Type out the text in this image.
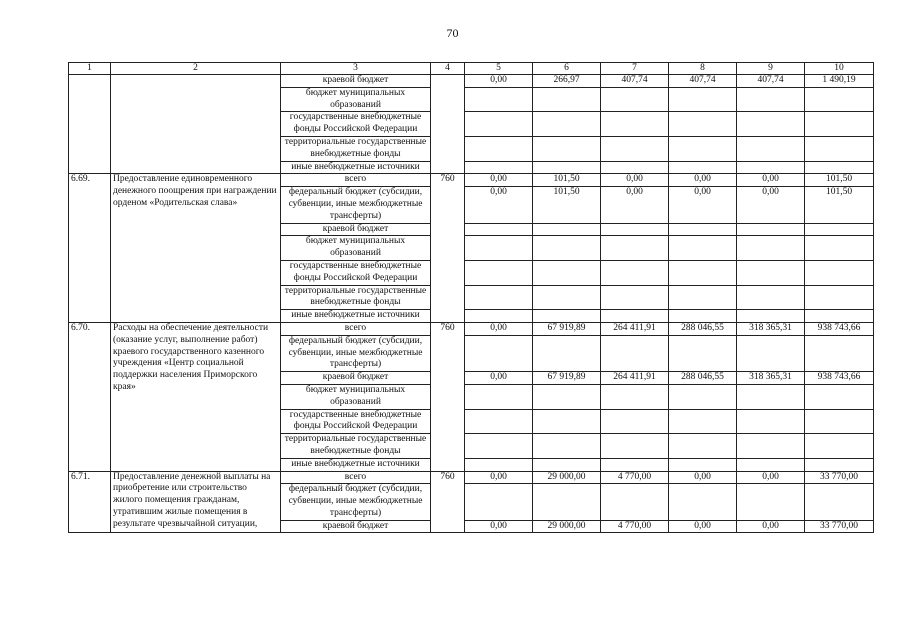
70
1	2	3	4	5	6	7	8	9	10
		краевой бюджет		0,00	266,97	407,74	407,74	407,74	1 490,19
		бюджет муниципальных образований							
		государственные внебюджетные фонды Российской Федерации							
		территориальные государственные внебюджетные фонды							
		иные внебюджетные источники							
6.69.	Предоставление единовременного денежного поощрения при награждении орденом «Родительская слава»	всего	760	0,00	101,50	0,00	0,00	0,00	101,50
		федеральный бюджет (субсидии, субвенции, иные межбюджетные трансферты)		0,00	101,50	0,00	0,00	0,00	101,50
		краевой бюджет							
		бюджет муниципальных образований							
		государственные внебюджетные фонды Российской Федерации							
		территориальные государственные внебюджетные фонды							
		иные внебюджетные источники							
6.70.	Расходы на обеспечение деятельности (оказание услуг, выполнение работ) краевого государственного казенного учреждения «Центр социальной поддержки населения Приморского края»	всего	760	0,00	67 919,89	264 411,91	288 046,55	318 365,31	938 743,66
		федеральный бюджет (субсидии, субвенции, иные межбюджетные трансферты)							
		краевой бюджет		0,00	67 919,89	264 411,91	288 046,55	318 365,31	938 743,66
		бюджет муниципальных образований							
		государственные внебюджетные фонды Российской Федерации							
		территориальные государственные внебюджетные фонды							
		иные внебюджетные источники							
6.71.	Предоставление денежной выплаты на приобретение или строительство жилого помещения гражданам, утратившим жилые помещения в результате чрезвычайной ситуации,	всего	760	0,00	29 000,00	4 770,00	0,00	0,00	33 770,00
		федеральный бюджет (субсидии, субвенции, иные межбюджетные трансферты)							
		краевой бюджет		0,00	29 000,00	4 770,00	0,00	0,00	33 770,00
